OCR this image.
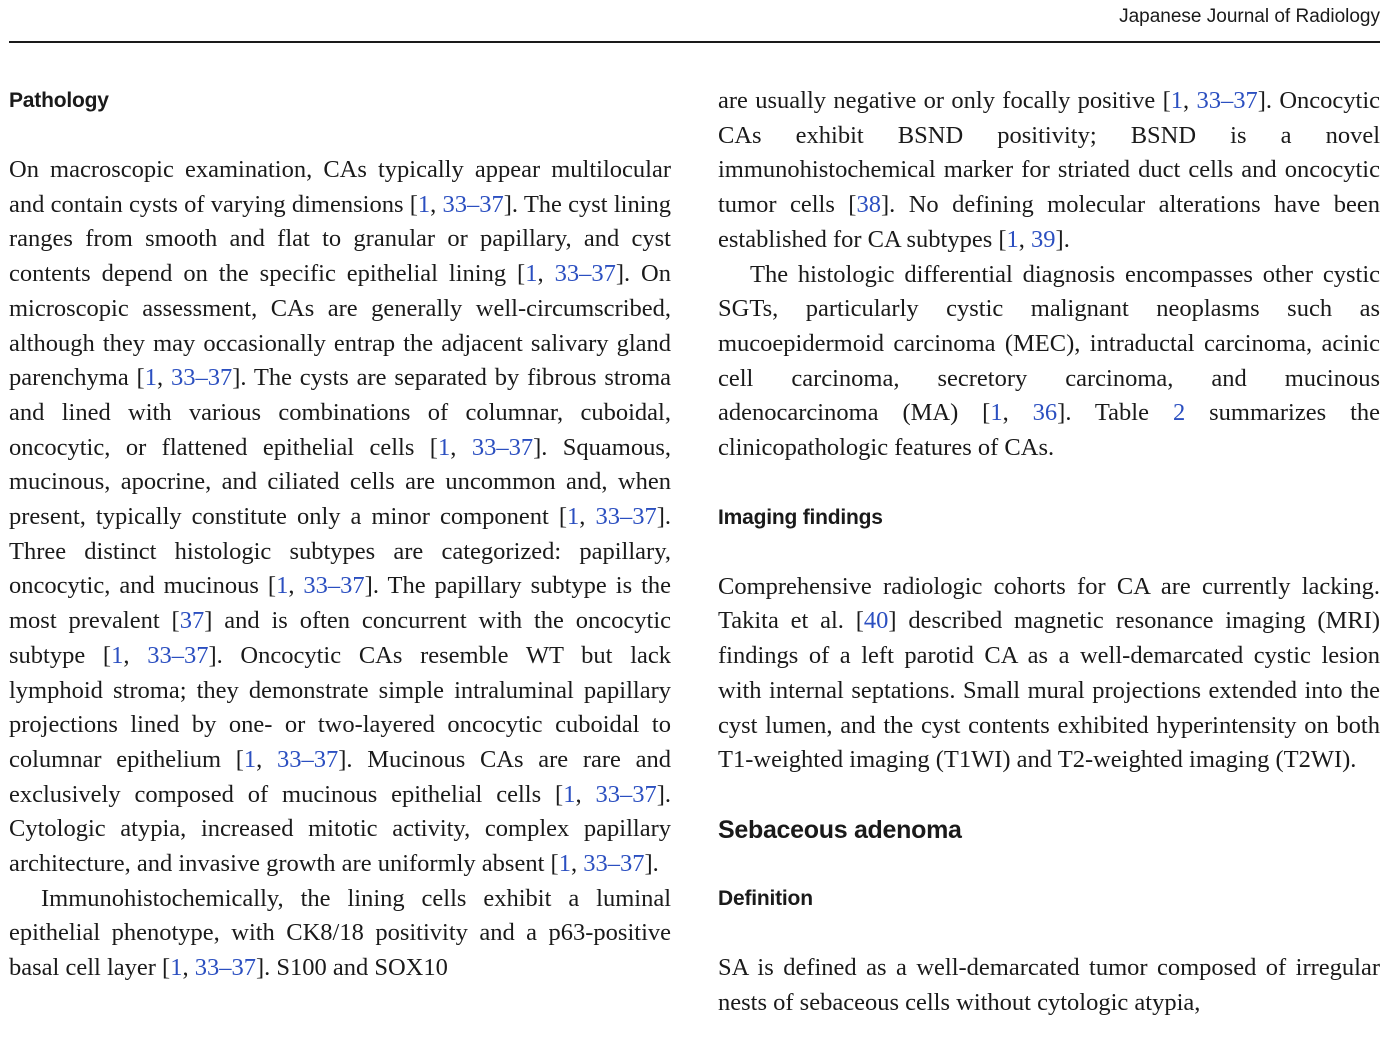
Japanese Journal of Radiology
Pathology

On macroscopic examination, CAs typically appear multilocular and contain cysts of varying dimensions [1, 33–37]. The cyst lining ranges from smooth and flat to granular or papillary, and cyst contents depend on the specific epithelial lining [1, 33–37]. On microscopic assessment, CAs are generally well-circumscribed, although they may occasionally entrap the adjacent salivary gland parenchyma [1, 33–37]. The cysts are separated by fibrous stroma and lined with various combinations of columnar, cuboidal, oncocytic, or flattened epithelial cells [1, 33–37]. Squamous, mucinous, apocrine, and ciliated cells are uncommon and, when present, typically constitute only a minor component [1, 33–37]. Three distinct histologic subtypes are categorized: papillary, oncocytic, and mucinous [1, 33–37]. The papillary subtype is the most prevalent [37] and is often concurrent with the oncocytic subtype [1, 33–37]. Oncocytic CAs resemble WT but lack lymphoid stroma; they demonstrate simple intraluminal papillary projections lined by one- or two-layered oncocytic cuboidal to columnar epithelium [1, 33–37]. Mucinous CAs are rare and exclusively composed of mucinous epithelial cells [1, 33–37]. Cytologic atypia, increased mitotic activity, complex papillary architecture, and invasive growth are uniformly absent [1, 33–37].

Immunohistochemically, the lining cells exhibit a luminal epithelial phenotype, with CK8/18 positivity and a p63-positive basal cell layer [1, 33–37]. S100 and SOX10

are usually negative or only focally positive [1, 33–37]. Oncocytic CAs exhibit BSND positivity; BSND is a novel immunohistochemical marker for striated duct cells and oncocytic tumor cells [38]. No defining molecular alterations have been established for CA subtypes [1, 39].

The histologic differential diagnosis encompasses other cystic SGTs, particularly cystic malignant neoplasms such as mucoepidermoid carcinoma (MEC), intraductal carcinoma, acinic cell carcinoma, secretory carcinoma, and mucinous adenocarcinoma (MA) [1, 36]. Table 2 summarizes the clinicopathologic features of CAs.

Imaging findings

Comprehensive radiologic cohorts for CA are currently lacking. Takita et al. [40] described magnetic resonance imaging (MRI) findings of a left parotid CA as a well-demarcated cystic lesion with internal septations. Small mural projections extended into the cyst lumen, and the cyst contents exhibited hyperintensity on both T1-weighted imaging (T1WI) and T2-weighted imaging (T2WI).

Sebaceous adenoma
Definition

SA is defined as a well-demarcated tumor composed of irregular nests of sebaceous cells without cytologic atypia,
